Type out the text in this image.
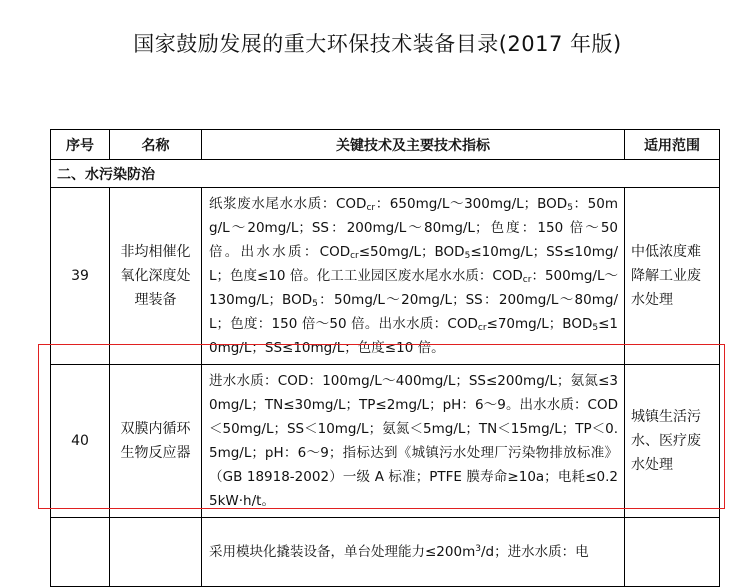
国家鼓励发展的重大环保技术装备目录(2017 年版)
序号	名称	关键技术及主要技术指标	适用范围
二、水污染防治			
39	非均相催化氧化深度处理装备	纸浆废水尾水水质：$COD_{cr}$：650mg/L～300mg/L；$BOD_5$：50mg/L～20mg/L；SS：200mg/L～80mg/L；色度：150 倍～50 倍。出水水质：$COD_{cr}\le 50mg/L$；$BOD_5\le 10mg/L$；SS≤10mg/L；色度≤10 倍。化工工业园区废水尾水水质：$COD_{cr}$：500mg/L～130mg/L；$BOD_5$：50mg/L～20mg/L；SS：200mg/L～80mg/L；色度：150 倍～50 倍。出水水质：$COD_{cr}\le 70mg/L$；$BOD_5\le 10mg/L$；SS≤10mg/L；色度≤10 倍。	中低浓度难降解工业废水处理
40	双膜内循环生物反应器	进水水质：COD：100mg/L～400mg/L；SS≤200mg/L；氨氮≤30mg/L；TN≤30mg/L；TP≤2mg/L；pH：6～9。出水水质：COD＜50mg/L；SS＜10mg/L；氨氮＜5mg/L；TN＜15mg/L；TP＜0.5mg/L；pH：6～9；指标达到《城镇污水处理厂污染物排放标准》（GB 18918-2002）一级 A 标准；PTFE 膜寿命≥10a；电耗≤0.25kW·h/t。	城镇生活污水、医疗废水处理
		采用模块化撬装设备，单台处理能力$\le 200m^3/d$；进水水质：电	
